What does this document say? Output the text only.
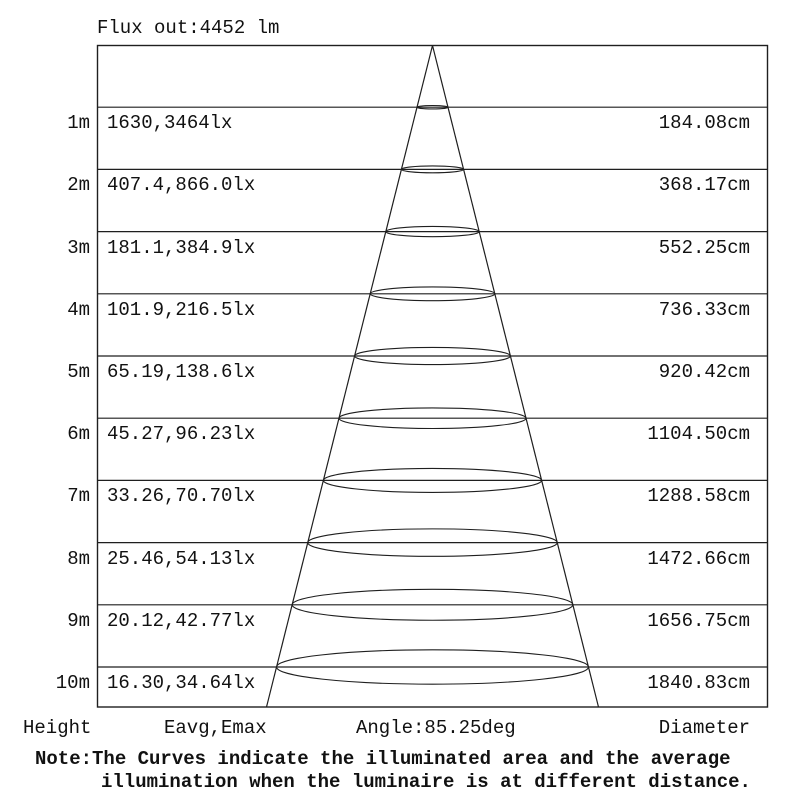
Flux out:4452 lm
1m 1630,3464lx	184.08cm
2m 407.4,866.0lx	368.17cm
3m 181.1,384.9lx	552.25cm
4m 101.9,216.5lx	736.33cm
5m 65.19,138.6lx	920.42cm
6m 45.27,96.23lx	1104.50cm
7m 33.26,70.70lx	1288.58cm
8m 25.46,54.13lx	1472.66cm
9m 20.12,42.77lx	1656.75cm
10m 16.30,34.64lx	1840.83cm
Height	Eavg,Emax	Angle:85.25deg	Diameter
Note:The Curves indicate the illuminated area and the average
illumination when the luminaire is at different distance.
